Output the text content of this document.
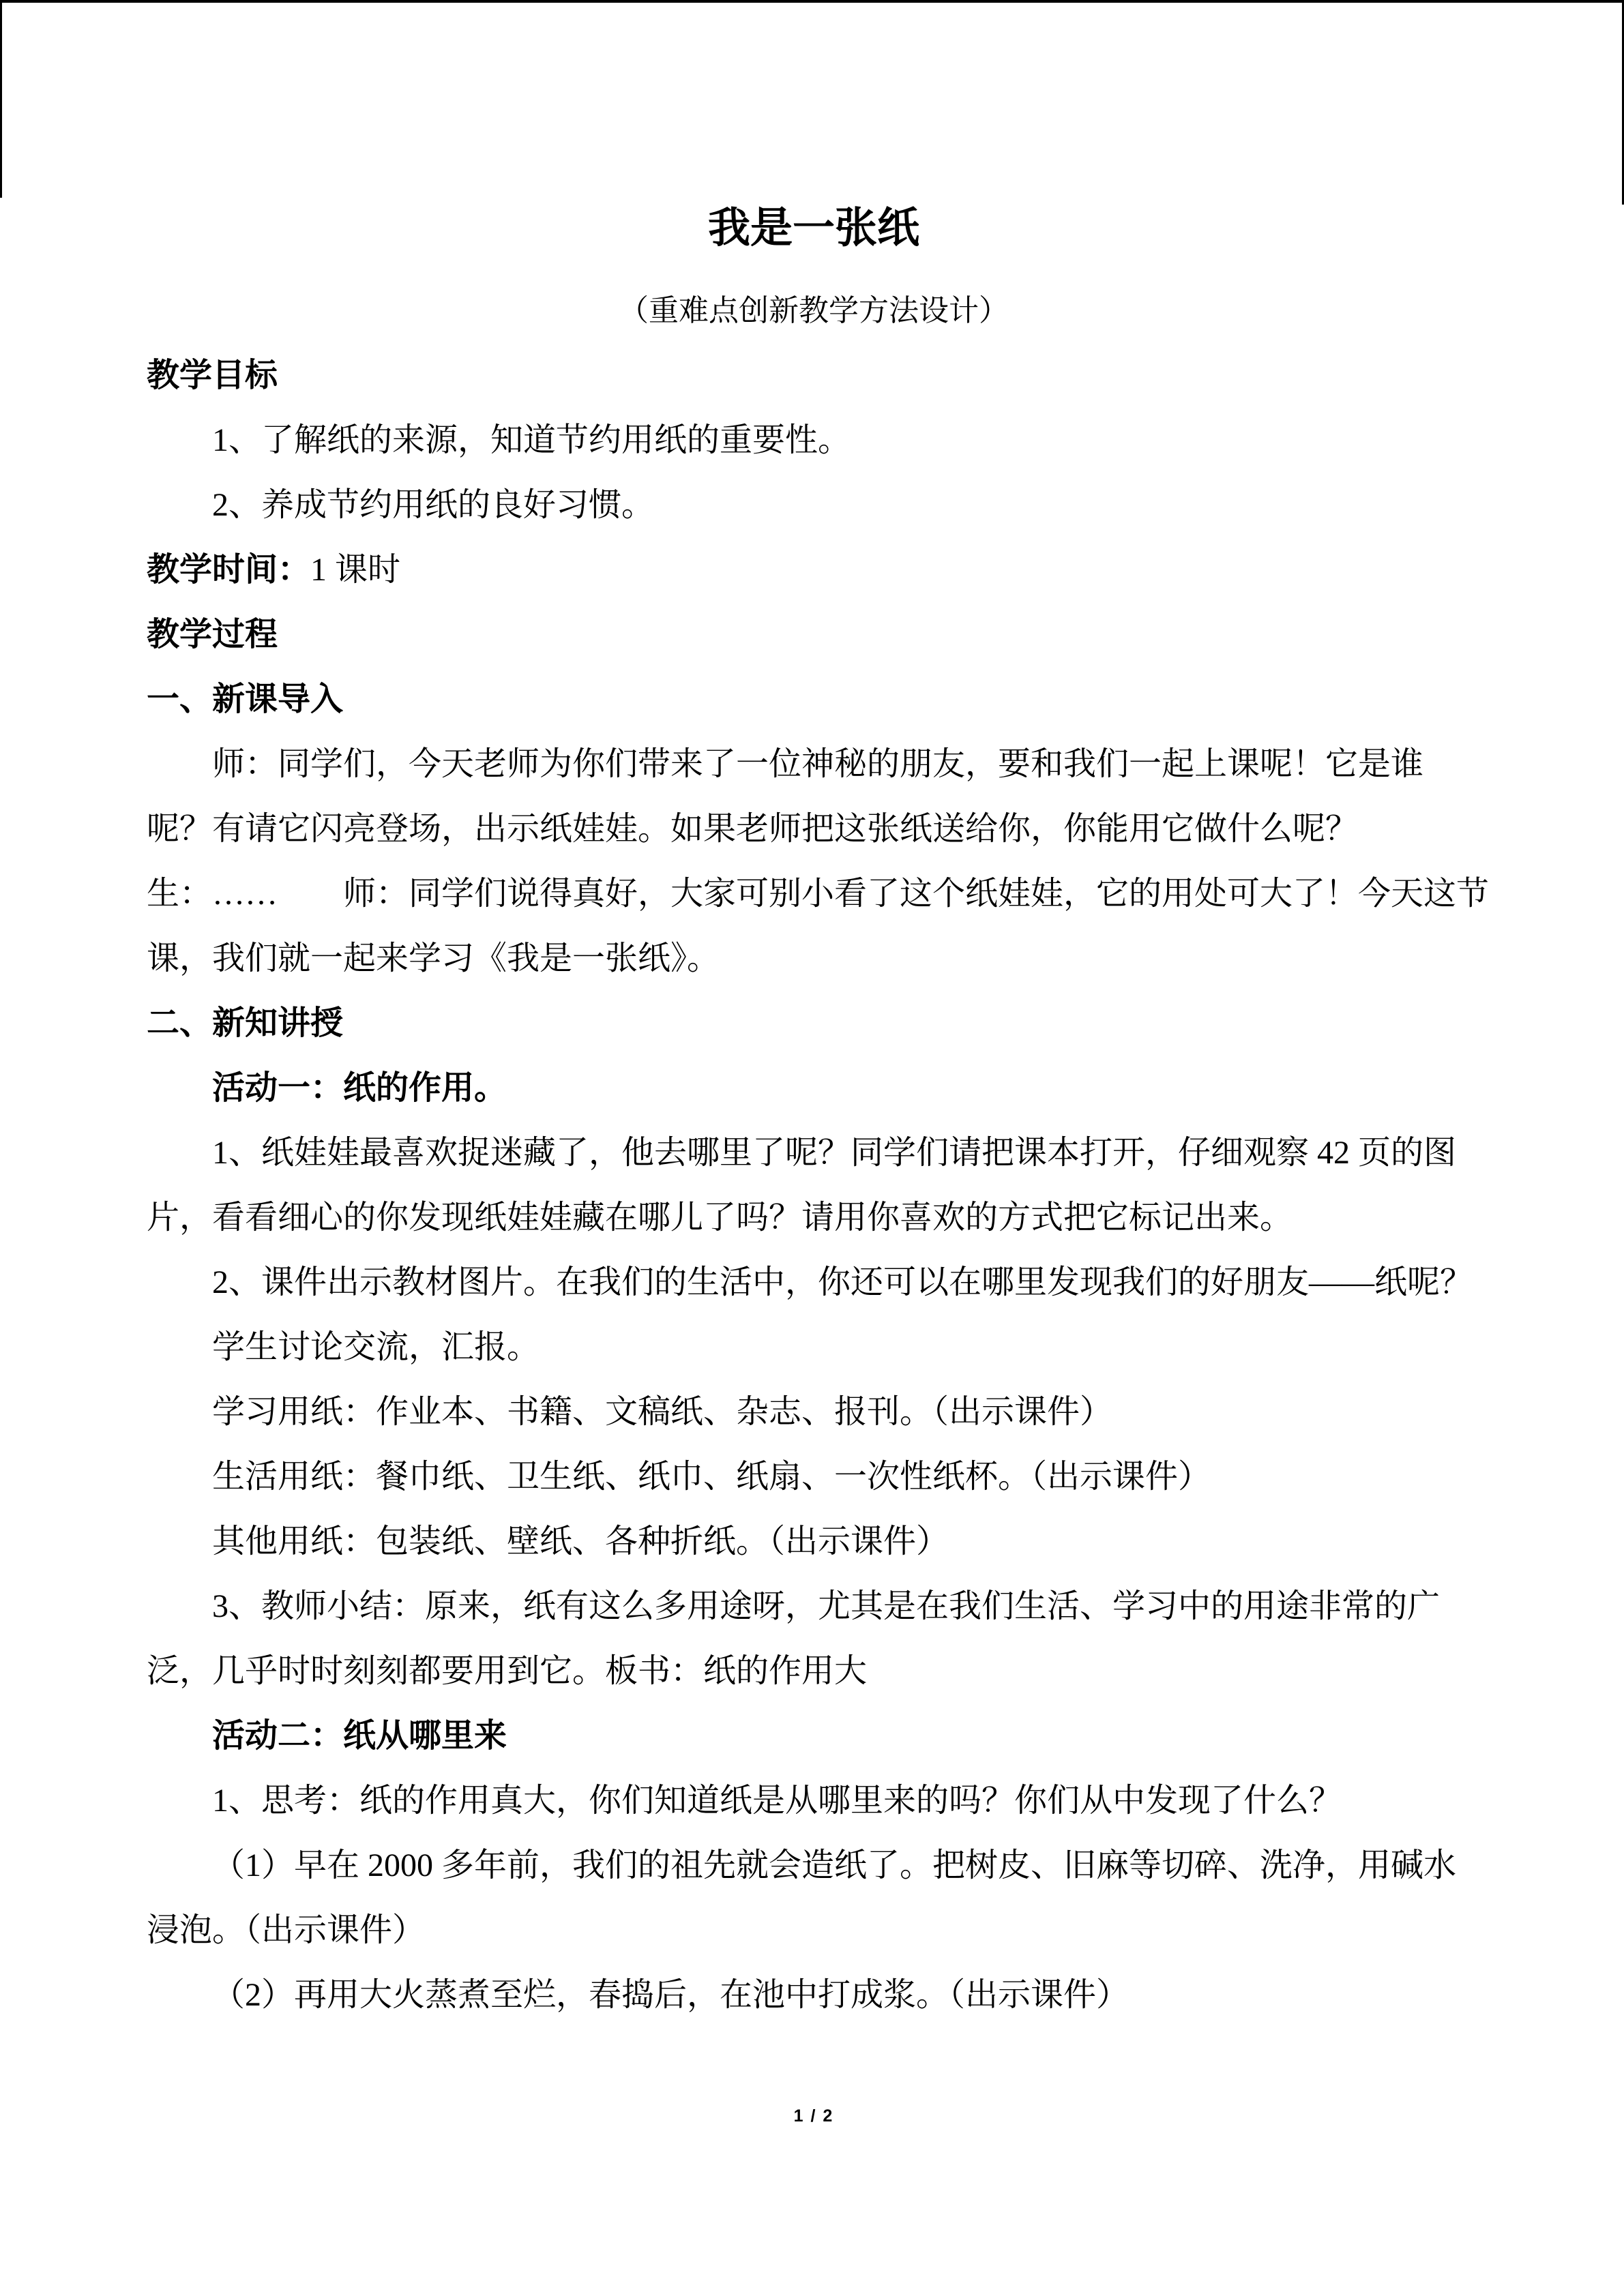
我是一张纸

（重难点创新教学方法设计）

教学目标

1、了解纸的来源，知道节约用纸的重要性。

2、养成节约用纸的良好习惯。

教学时间：1 课时

教学过程

一、新课导入

师：同学们，今天老师为你们带来了一位神秘的朋友，要和我们一起上课呢！它是谁

呢？有请它闪亮登场，出示纸娃娃。如果老师把这张纸送给你，你能用它做什么呢？

生：……　　师：同学们说得真好，大家可别小看了这个纸娃娃，它的用处可大了！今天这节

课，我们就一起来学习《我是一张纸》。

二、新知讲授

活动一：纸的作用。

1、纸娃娃最喜欢捉迷藏了，他去哪里了呢？同学们请把课本打开，仔细观察 42 页的图

片，看看细心的你发现纸娃娃藏在哪儿了吗？请用你喜欢的方式把它标记出来。

2、课件出示教材图片。在我们的生活中，你还可以在哪里发现我们的好朋友——纸呢？

学生讨论交流，汇报。

学习用纸：作业本、书籍、文稿纸、杂志、报刊。（出示课件）

生活用纸：餐巾纸、卫生纸、纸巾、纸扇、一次性纸杯。（出示课件）

其他用纸：包装纸、壁纸、各种折纸。（出示课件）

3、教师小结：原来，纸有这么多用途呀，尤其是在我们生活、学习中的用途非常的广

泛，几乎时时刻刻都要用到它。板书：纸的作用大

活动二：纸从哪里来

1、思考：纸的作用真大，你们知道纸是从哪里来的吗？你们从中发现了什么？

（1）早在 2000 多年前，我们的祖先就会造纸了。把树皮、旧麻等切碎、洗净，用碱水

浸泡。（出示课件）

（2）再用大火蒸煮至烂，春捣后，在池中打成浆。（出示课件）

1 / 2
